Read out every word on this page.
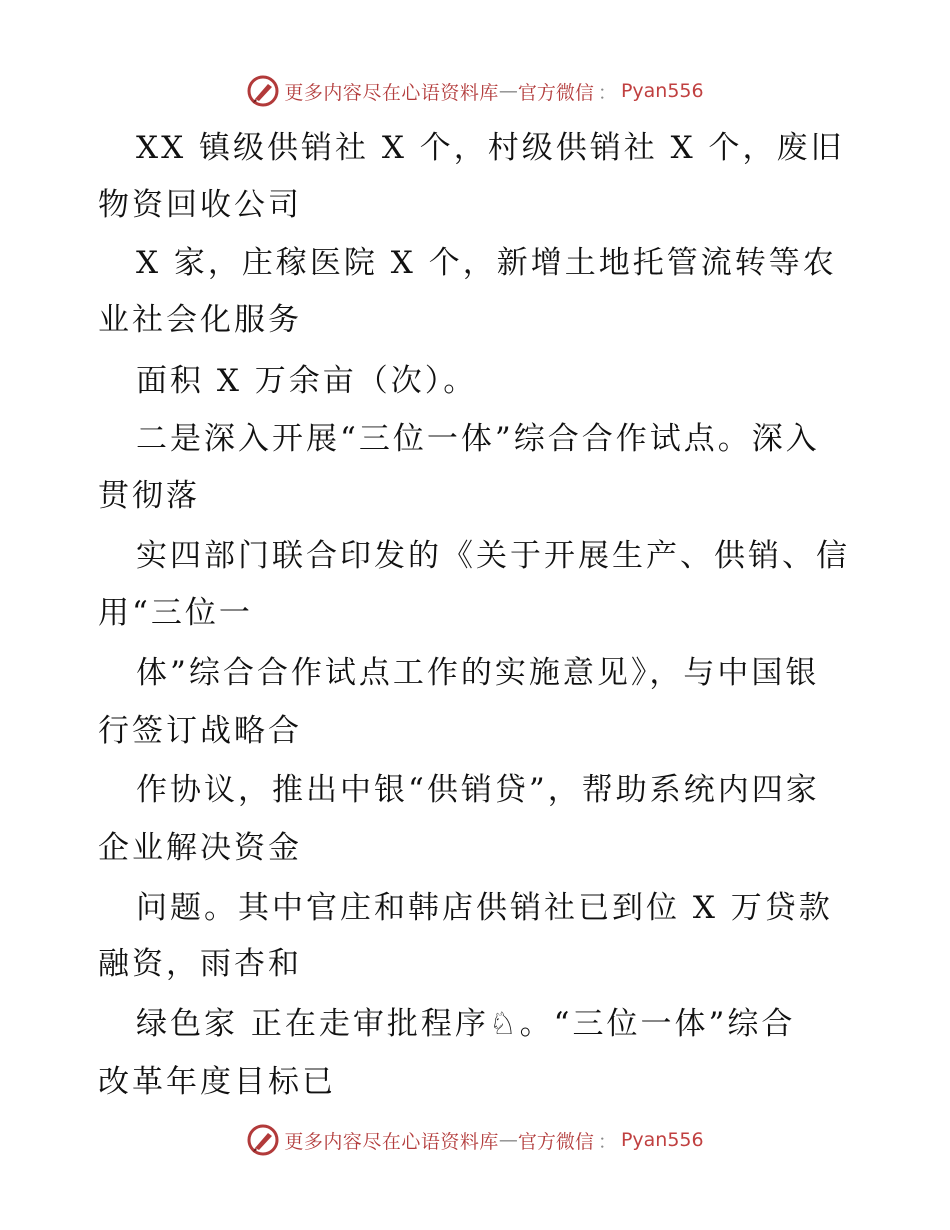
更多内容尽在心语资料库 — 官方微信 ： Pyan556
XX 镇级供销社 X 个，村级供销社 X 个，废旧
物资回收公司
X 家，庄稼医院 X 个，新增土地托管流转等农
业社会化服务
面积 X 万余亩（次）。
二是深入开展“三位一体”综合合作试点。深入
贯彻落
实四部门联合印发的《关于开展生产、供销、信
用“三位一
体”综合合作试点工作的实施意见》，与中国银
行签订战略合
作协议，推出中银“供销贷”，帮助系统内四家
企业解决资金
问题。其中官庄和韩店供销社已到位 X 万贷款
融资，雨杏和
绿色家 正在走审批程序♘。“三位一体”综合
改革年度目标已
更多内容尽在心语资料库 — 官方微信 ： Pyan556
